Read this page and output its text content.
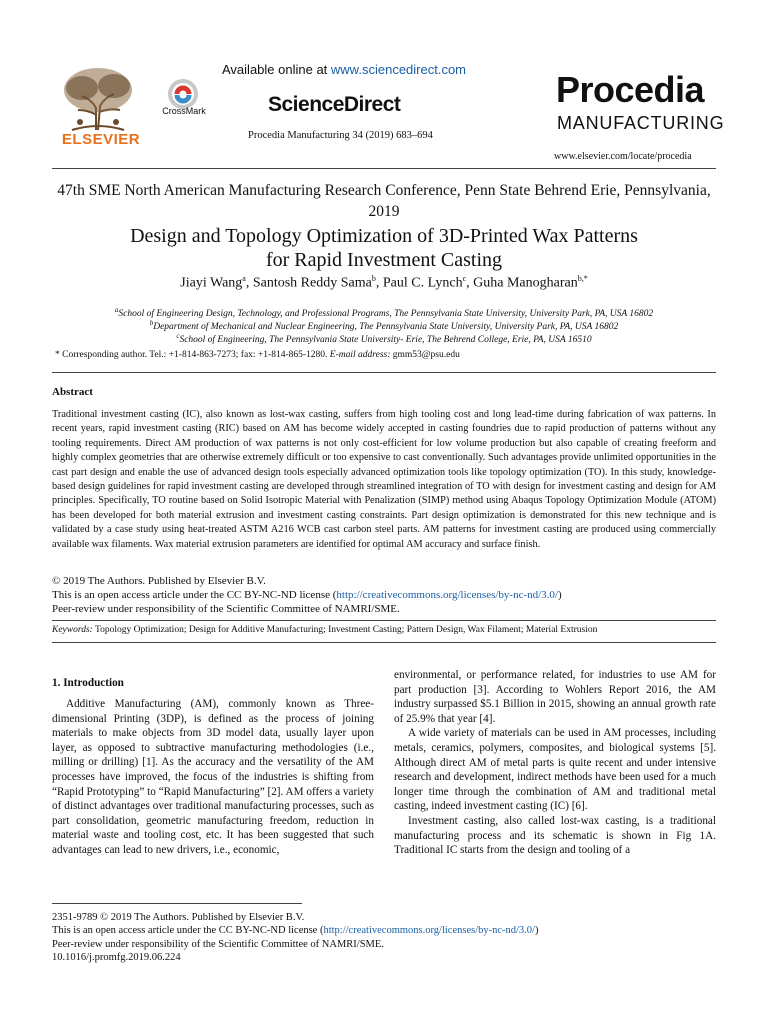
ELSEVIER
CrossMark
Available online at www.sciencedirect.com
ScienceDirect
Procedia Manufacturing 34 (2019) 683–694
Procedia
MANUFACTURING
www.elsevier.com/locate/procedia
47th SME North American Manufacturing Research Conference, Penn State Behrend Erie, Pennsylvania, 2019
Design and Topology Optimization of 3D-Printed Wax Patterns
for Rapid Investment Casting
Jiayi Wang$^a$, Santosh Reddy Sama$^b$, Paul C. Lynch$^c$, Guha Manogharan$^{b,*}$
$^a$School of Engineering Design, Technology, and Professional Programs, The Pennsylvania State University, University Park, PA, USA 16802
$^b$Department of Mechanical and Nuclear Engineering, The Pennsylvania State University, University Park, PA, USA 16802
$^c$School of Engineering, The Pennsylvania State University- Erie, The Behrend College, Erie, PA, USA 16510
* Corresponding author. Tel.: +1-814-863-7273; fax: +1-814-865-1280. E-mail address: gmm53@psu.edu
Abstract
Traditional investment casting (IC), also known as lost-wax casting, suffers from high tooling cost and long lead-time during fabrication of wax patterns. In recent years, rapid investment casting (RIC) based on AM has become widely accepted in casting foundries due to rapid production of patterns without any tooling requirements. Direct AM production of wax patterns is not only cost-efficient for low volume production but also capable of creating freeform and highly complex geometries that are otherwise extremely difficult or too expensive to cast conventionally. Such advantages provide unlimited opportunities in the cast part design and enable the use of advanced design tools especially advanced optimization tools like topology optimization (TO). In this study, knowledge-based design guidelines for rapid investment casting are developed through streamlined integration of TO with design for investment casting and design for AM principles. Specifically, TO routine based on Solid Isotropic Material with Penalization (SIMP) method using Abaqus Topology Optimization Module (ATOM) has been developed for both material extrusion and investment casting constraints. Part design optimization is demonstrated for this new technique and is validated by a case study using heat-treated ASTM A216 WCB cast carbon steel parts. AM patterns for investment casting are produced using commercially available wax filaments. Wax material extrusion parameters are identified for optimal AM accuracy and surface finish.
© 2019 The Authors. Published by Elsevier B.V.
This is an open access article under the CC BY-NC-ND license (http://creativecommons.org/licenses/by-nc-nd/3.0/)
Peer-review under responsibility of the Scientific Committee of NAMRI/SME.
Keywords: Topology Optimization; Design for Additive Manufacturing; Investment Casting; Pattern Design, Wax Filament; Material Extrusion
1. Introduction

Additive Manufacturing (AM), commonly known as Three-dimensional Printing (3DP), is defined as the process of joining materials to make objects from 3D model data, usually layer upon layer, as opposed to subtractive manufacturing methodologies (i.e., milling or drilling) [1]. As the accuracy and the versatility of the AM processes have improved, the focus of the industries is shifting from “Rapid Prototyping” to “Rapid Manufacturing” [2]. AM offers a variety of distinct advantages over traditional manufacturing processes, such as part consolidation, geometric manufacturing freedom, reduction in material waste and tooling cost, etc. It has been suggested that such advantages can lead to new drivers, i.e., economic,

environmental, or performance related, for industries to use AM for part production [3]. According to Wohlers Report 2016, the AM industry surpassed $5.1 Billion in 2015, showing an annual growth rate of 25.9% that year [4].

A wide variety of materials can be used in AM processes, including metals, ceramics, polymers, composites, and biological systems [5]. Although direct AM of metal parts is quite recent and under intensive research and development, indirect methods have been used for a much longer time through the combination of AM and traditional metal casting, indeed investment casting (IC) [6].

Investment casting, also called lost-wax casting, is a traditional manufacturing process and its schematic is shown in Fig 1A. Traditional IC starts from the design and tooling of a

2351-9789 © 2019 The Authors. Published by Elsevier B.V.
This is an open access article under the CC BY-NC-ND license (http://creativecommons.org/licenses/by-nc-nd/3.0/)
Peer-review under responsibility of the Scientific Committee of NAMRI/SME.
10.1016/j.promfg.2019.06.224
